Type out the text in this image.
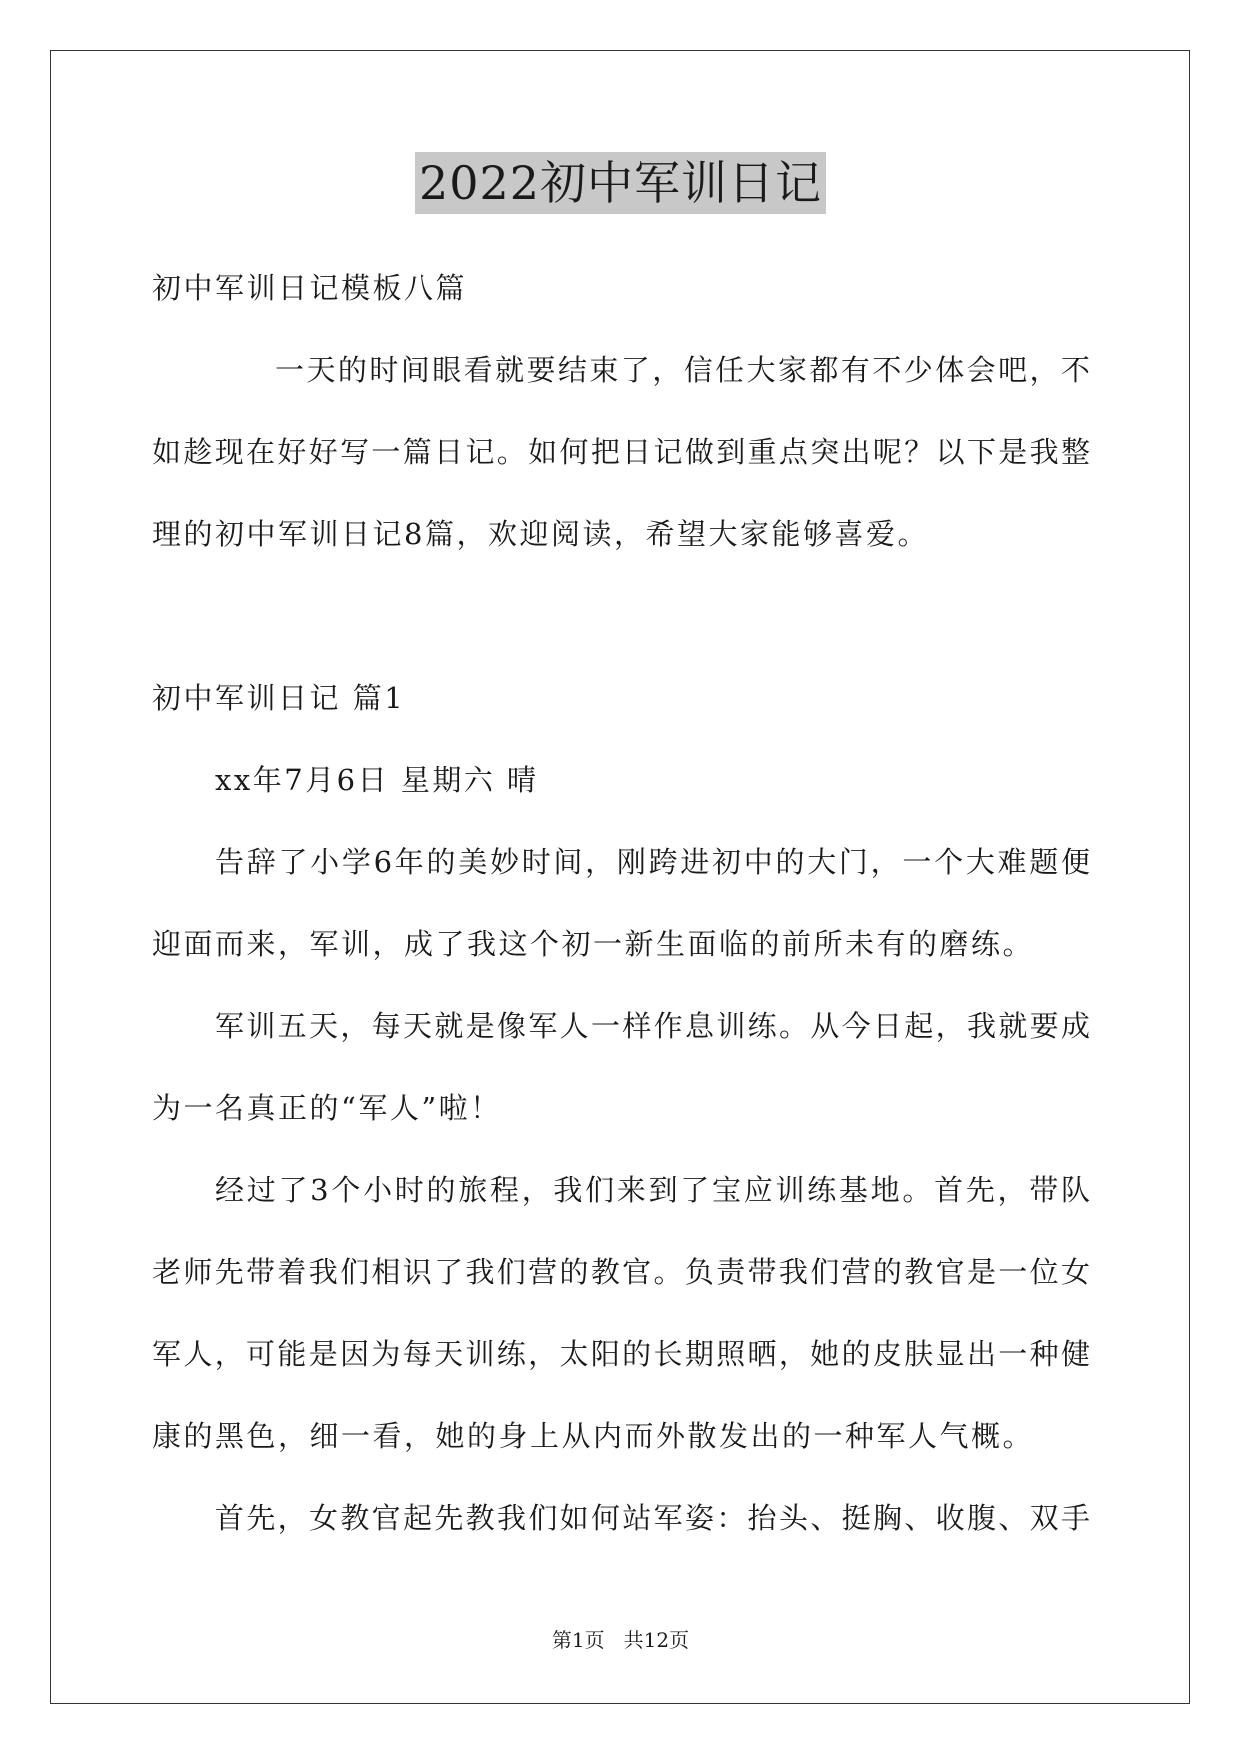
2022初中军训日记
初中军训日记模板八篇
一天的时间眼看就要结束了，信任大家都有不少体会吧，不
如趁现在好好写一篇日记。如何把日记做到重点突出呢？以下是我整
理的初中军训日记8篇，欢迎阅读，希望大家能够喜爱。
初中军训日记 篇1
xx年7月6日 星期六 晴
告辞了小学6年的美妙时间，刚跨进初中的大门，一个大难题便
迎面而来，军训，成了我这个初一新生面临的前所未有的磨练。
军训五天，每天就是像军人一样作息训练。从今日起，我就要成
为一名真正的“军人”啦！
经过了3个小时的旅程，我们来到了宝应训练基地。首先，带队
老师先带着我们相识了我们营的教官。负责带我们营的教官是一位女
军人，可能是因为每天训练，太阳的长期照晒，她的皮肤显出一种健
康的黑色，细一看，她的身上从内而外散发出的一种军人气概。
首先，女教官起先教我们如何站军姿：抬头、挺胸、收腹、双手
第1页   共12页
